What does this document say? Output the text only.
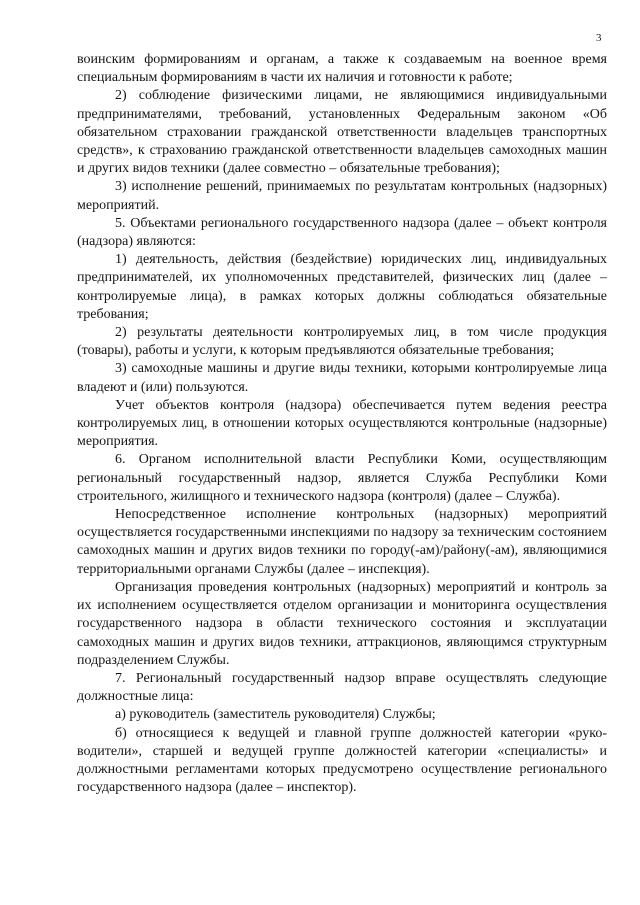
3

воинским формированиям и органам, а также к создаваемым на военное время специальным формированиям в части их наличия и готовности к работе;

2) соблюдение физическими лицами, не являющимися индивидуальными предпринимателями, требований, установленных Федеральным законом «Об обязательном страховании гражданской ответственности владельцев транспортных средств», к страхованию гражданской ответственности владельцев самоходных машин и других видов техники (далее совместно – обязательные требования);

3) исполнение решений, принимаемых по результатам контрольных (надзорных) мероприятий.

5. Объектами регионального государственного надзора (далее – объект контроля (надзора) являются:

1) деятельность, действия (бездействие) юридических лиц, индивидуальных предпринимателей, их уполномоченных представителей, физических лиц (далее – контролируемые лица), в рамках которых должны соблюдаться обязательные требования;

2) результаты деятельности контролируемых лиц, в том числе продукция (товары), работы и услуги, к которым предъявляются обязательные требования;

3) самоходные машины и другие виды техники, которыми контролируемые лица владеют и (или) пользуются.

Учет объектов контроля (надзора) обеспечивается путем ведения реестра контролируемых лиц, в отношении которых осуществляются контрольные (надзорные) мероприятия.

6. Органом исполнительной власти Республики Коми, осуществляющим региональный государственный надзор, является Служба Республики Коми строительного, жилищного и технического надзора (контроля) (далее – Служба).

Непосредственное исполнение контрольных (надзорных) мероприятий осуществляется государственными инспекциями по надзору за техническим состоянием самоходных машин и других видов техники по городу(-ам)/району(-ам), являющимися территориальными органами Службы (далее – инспекция).

Организация проведения контрольных (надзорных) мероприятий и контроль за их исполнением осуществляется отделом организации и мониторинга осуществления государственного надзора в области технического состояния и эксплуатации самоходных машин и других видов техники, аттракционов, являющимся структурным подразделением Службы.

7. Региональный государственный надзор вправе осуществлять следующие должностные лица:

а) руководитель (заместитель руководителя) Службы;

б) относящиеся к ведущей и главной группе должностей категории «руководители», старшей и ведущей группе должностей категории «специалисты» и должностными регламентами которых предусмотрено осуществление регионального государственного надзора (далее – инспектор).
